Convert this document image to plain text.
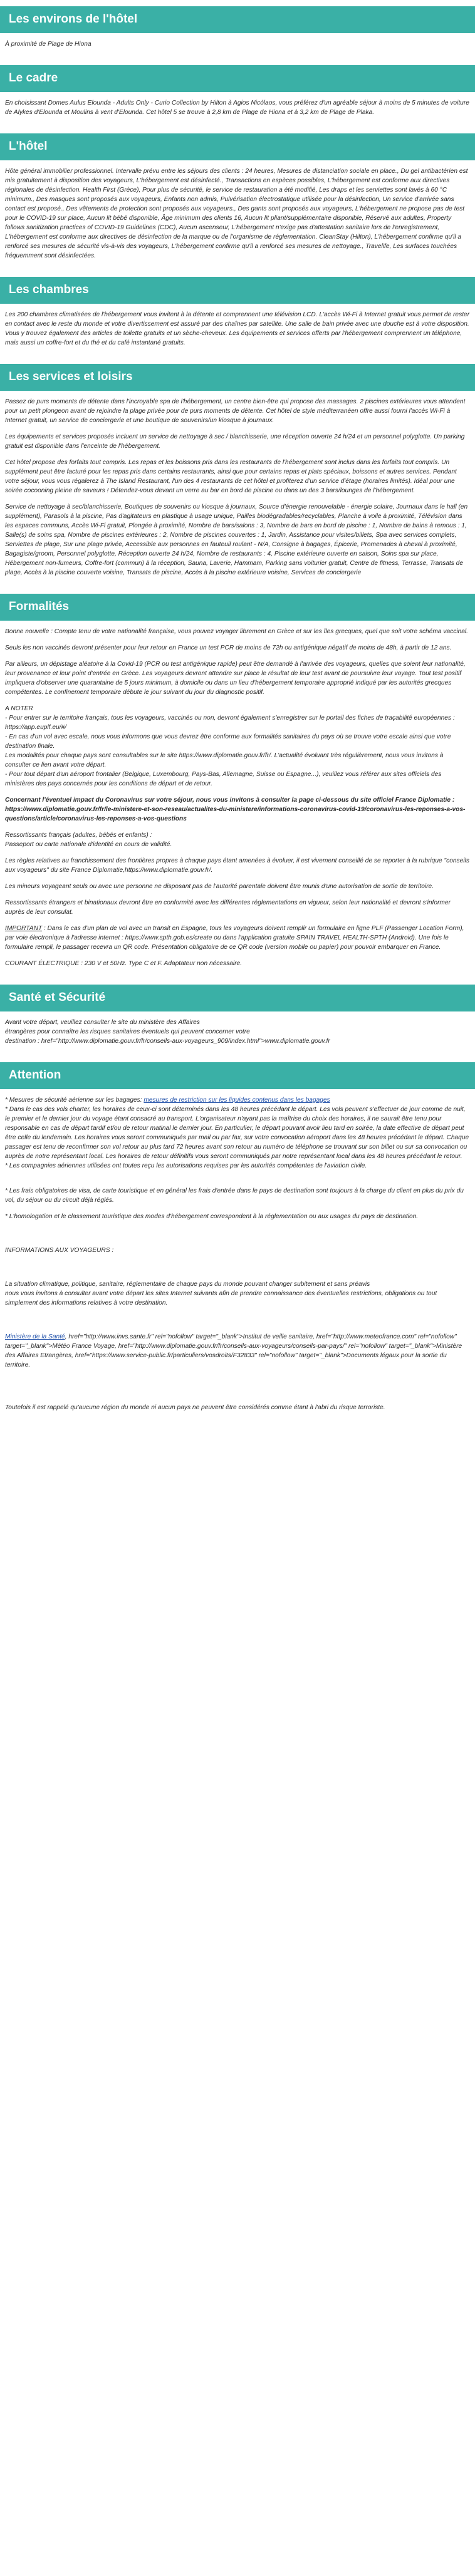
Les environs de l'hôtel

À proximité de Plage de Hiona

Le cadre

En choisissant Domes Aulus Elounda - Adults Only - Curio Collection by Hilton à Agios Nicólaos, vous préférez d'un agréable séjour à moins de 5 minutes de voiture de Alykes d'Elounda et Moulins à vent d'Elounda. Cet hôtel 5 se trouve à 2,8 km de Plage de Hiona et à 3,2 km de Plage de Plaka.

L'hôtel

Hôte général immobilier professionnel. Intervalle prévu entre les séjours des clients : 24 heures, Mesures de distanciation sociale en place., Du gel antibactérien est mis gratuitement à disposition des voyageurs, L'hébergement est désinfecté., Transactions en espèces possibles, L'hébergement est conforme aux directives régionales de désinfection. Health First (Grèce), Pour plus de sécurité, le service de restauration a été modifié, Les draps et les serviettes sont lavés à 60 °C minimum., Des masques sont proposés aux voyageurs, Enfants non admis, Pulvérisation électrostatique utilisée pour la désinfection, Un service d'arrivée sans contact est proposé., Des vêtements de protection sont proposés aux voyageurs., Des gants sont proposés aux voyageurs, L'hébergement ne propose pas de test pour le COVID-19 sur place, Aucun lit bébé disponible, Âge minimum des clients 16, Aucun lit pliant/supplémentaire disponible, Réservé aux adultes, Property follows sanitization practices of COVID-19 Guidelines (CDC), Aucun ascenseur, L'hébergement n'exige pas d'attestation sanitaire lors de l'enregistrement, L'hébergement est conforme aux directives de désinfection de la marque ou de l'organisme de réglementation. CleanStay (Hilton), L'hébergement confirme qu'il a renforcé ses mesures de sécurité vis-à-vis des voyageurs, L'hébergement confirme qu'il a renforcé ses mesures de nettoyage., Travelife, Les surfaces touchées fréquemment sont désinfectées.

Les chambres

Les 200 chambres climatisées de l'hébergement vous invitent à la détente et comprennent une télévision LCD. L'accès Wi-Fi à Internet gratuit vous permet de rester en contact avec le reste du monde et votre divertissement est assuré par des chaînes par satellite. Une salle de bain privée avec une douche est à votre disposition. Vous y trouvez également des articles de toilette gratuits et un sèche-cheveux. Les équipements et services offerts par l'hébergement comprennent un téléphone, mais aussi un coffre-fort et du thé et du café instantané gratuits.

Les services et loisirs

Passez de purs moments de détente dans l'incroyable spa de l'hébergement, un centre bien-être qui propose des massages. 2 piscines extérieures vous attendent pour un petit plongeon avant de rejoindre la plage privée pour de purs moments de détente. Cet hôtel de style méditerranéen offre aussi fourni l'accès Wi-Fi à Internet gratuit, un service de conciergerie et une boutique de souvenirs/un kiosque à journaux.

Les équipements et services proposés incluent un service de nettoyage à sec / blanchisserie, une réception ouverte 24 h/24 et un personnel polyglotte. Un parking gratuit est disponible dans l'enceinte de l'hébergement.

Cet hôtel propose des forfaits tout compris. Les repas et les boissons pris dans les restaurants de l'hébergement sont inclus dans les forfaits tout compris. Un supplément peut être facturé pour les repas pris dans certains restaurants, ainsi que pour certains repas et plats spéciaux, boissons et autres services. Pendant votre séjour, vous vous régalerez à The Island Restaurant, l'un des 4 restaurants de cet hôtel et profiterez d'un service d'étage (horaires limités). Idéal pour une soirée cocooning pleine de saveurs ! Détendez-vous devant un verre au bar en bord de piscine ou dans un des 3 bars/lounges de l'hébergement.

Service de nettoyage à sec/blanchisserie, Boutiques de souvenirs ou kiosque à journaux, Source d'énergie renouvelable - énergie solaire, Journaux dans le hall (en supplément), Parasols à la piscine, Pas d'agitateurs en plastique à usage unique, Pailles biodégradables/recyclables, Planche à voile à proximité, Télévision dans les espaces communs, Accès Wi-Fi gratuit, Plongée à proximité, Nombre de bars/salons : 3, Nombre de bars en bord de piscine : 1, Nombre de bains à remous : 1, Salle(s) de soins spa, Nombre de piscines extérieures : 2, Nombre de piscines couvertes : 1, Jardin, Assistance pour visites/billets, Spa avec services complets, Serviettes de plage, Sur une plage privée, Accessible aux personnes en fauteuil roulant - N/A, Consigne à bagages, Épicerie, Promenades à cheval à proximité, Bagagiste/groom, Personnel polyglotte, Réception ouverte 24 h/24, Nombre de restaurants : 4, Piscine extérieure ouverte en saison, Soins spa sur place, Hébergement non-fumeurs, Coffre-fort (commun) à la réception, Sauna, Laverie, Hammam, Parking sans voiturier gratuit, Centre de fitness, Terrasse, Transats de plage, Accès à la piscine couverte voisine, Transats de piscine, Accès à la piscine extérieure voisine, Services de conciergerie

Formalités

Bonne nouvelle : Compte tenu de votre nationalité française, vous pouvez voyager librement en Grèce et sur les îles grecques, quel que soit votre schéma vaccinal.

Seuls les non vaccinés devront présenter pour leur retour en France un test PCR de moins de 72h ou antigénique négatif de moins de 48h, à partir de 12 ans.

Par ailleurs, un dépistage aléatoire à la Covid-19 (PCR ou test antigénique rapide) peut être demandé à l'arrivée des voyageurs, quelles que soient leur nationalité, leur provenance et leur point d'entrée en Grèce. Les voyageurs devront attendre sur place le résultat de leur test avant de poursuivre leur voyage. Tout test positif impliquera d'observer une quarantaine de 5 jours minimum, à domicile ou dans un lieu d'hébergement temporaire approprié indiqué par les autorités grecques compétentes. Le confinement temporaire débute le jour suivant du jour du diagnostic positif.

A NOTER
- Pour entrer sur le territoire français, tous les voyageurs, vaccinés ou non, devront également s'enregistrer sur le portail des fiches de traçabilité européennes : https://app.euplf.eu/#/
- En cas d'un vol avec escale, nous vous informons que vous devrez être conforme aux formalités sanitaires du pays où se trouve votre escale ainsi que votre destination finale.
Les modalités pour chaque pays sont consultables sur le site https://www.diplomatie.gouv.fr/fr/. L'actualité évoluant très régulièrement, nous vous invitons à consulter ce lien avant votre départ.
- Pour tout départ d'un aéroport frontalier (Belgique, Luxembourg, Pays-Bas, Allemagne, Suisse ou Espagne...), veuillez vous référer aux sites officiels des ministères des pays concernés pour les conditions de départ et de retour.

Concernant l'éventuel impact du Coronavirus sur votre séjour, nous vous invitons à consulter la page ci-dessous du site officiel France Diplomatie : https://www.diplomatie.gouv.fr/fr/le-ministere-et-son-reseau/actualites-du-ministere/informations-coronavirus-covid-19/coronavirus-les-reponses-a-vos-questions/article/coronavirus-les-reponses-a-vos-questions

Ressortissants français (adultes, bébés et enfants) :
Passeport ou carte nationale d'identité en cours de validité.

Les règles relatives au franchissement des frontières propres à chaque pays étant amenées à évoluer, il est vivement conseillé de se reporter à la rubrique "conseils aux voyageurs" du site France Diplomatie,https://www.diplomatie.gouv.fr/.

Les mineurs voyageant seuls ou avec une personne ne disposant pas de l'autorité parentale doivent être munis d'une autorisation de sortie de territoire.

Ressortissants étrangers et binationaux devront être en conformité avec les différentes réglementations en vigueur, selon leur nationalité et devront s'informer auprès de leur consulat.

IMPORTANT : Dans le cas d'un plan de vol avec un transit en Espagne, tous les voyageurs doivent remplir un formulaire en ligne PLF (Passenger Location Form), par voie électronique à l'adresse internet : https://www.spth.gob.es/create ou dans l'application gratuite SPAIN TRAVEL HEALTH-SPTH (Android). Une fois le formulaire rempli, le passager recevra un QR code. Présentation obligatoire de ce QR code (version mobile ou papier) pour pouvoir embarquer en France.

COURANT ÉLECTRIQUE : 230 V et 50Hz. Type C et F. Adaptateur non nécessaire.

Santé et Sécurité

Avant votre départ, veuillez consulter le site du ministère des Affaires
étrangères pour connaître les risques sanitaires éventuels qui peuvent concerner votre
destination : href="http://www.diplomatie.gouv.fr/fr/conseils-aux-voyageurs_909/index.html">www.diplomatie.gouv.fr

Attention

* Mesures de sécurité aérienne sur les bagages: mesures de restriction sur les liquides contenus dans les bagages
* Dans le cas des vols charter, les horaires de ceux-ci sont déterminés dans les 48 heures précédant le départ. Les vols peuvent s'effectuer de jour comme de nuit, le premier et le dernier jour du voyage étant consacré au transport. L'organisateur n'ayant pas la maîtrise du choix des horaires, il ne saurait être tenu pour responsable en cas de départ tardif et/ou de retour matinal le dernier jour. En particulier, le départ pouvant avoir lieu tard en soirée, la date effective de départ peut être celle du lendemain. Les horaires vous seront communiqués par mail ou par fax, sur votre convocation aéroport dans les 48 heures précédant le départ. Chaque passager est tenu de reconfirmer son vol retour au plus tard 72 heures avant son retour au numéro de téléphone se trouvant sur son billet ou sur sa convocation ou auprès de notre représentant local. Les horaires de retour définitifs vous seront communiqués par notre représentant local dans les 48 heures précédant le retour.
* Les compagnies aériennes utilisées ont toutes reçu les autorisations requises par les autorités compétentes de l'aviation civile.

* Les frais obligatoires de visa, de carte touristique et en général les frais d'entrée dans le pays de destination sont toujours à la charge du client en plus du prix du vol, du séjour ou du circuit déjà réglés.

* L'homologation et le classement touristique des modes d'hébergement correspondent à la réglementation ou aux usages du pays de destination.

INFORMATIONS AUX VOYAGEURS :

La situation climatique, politique, sanitaire, réglementaire de chaque pays du monde pouvant changer subitement et sans préavis
nous vous invitons à consulter avant votre départ les sites Internet suivants afin de prendre connaissance des éventuelles restrictions, obligations ou tout simplement des informations relatives à votre destination.

Ministère de la Santé, href="http://www.invs.sante.fr" rel="nofollow" target="_blank">Institut de veille sanitaire, href="http://www.meteofrance.com" rel="nofollow" target="_blank">Météo France Voyage, href="http://www.diplomatie.gouv.fr/fr/conseils-aux-voyageurs/conseils-par-pays/" rel="nofollow" target="_blank">Ministère des Affaires Etrangères, href="https://www.service-public.fr/particuliers/vosdroits/F32833" rel="nofollow" target="_blank">Documents légaux pour la sortie du territoire.

Toutefois il est rappelé qu'aucune région du monde ni aucun pays ne peuvent être considérés comme étant à l'abri du risque terroriste.
